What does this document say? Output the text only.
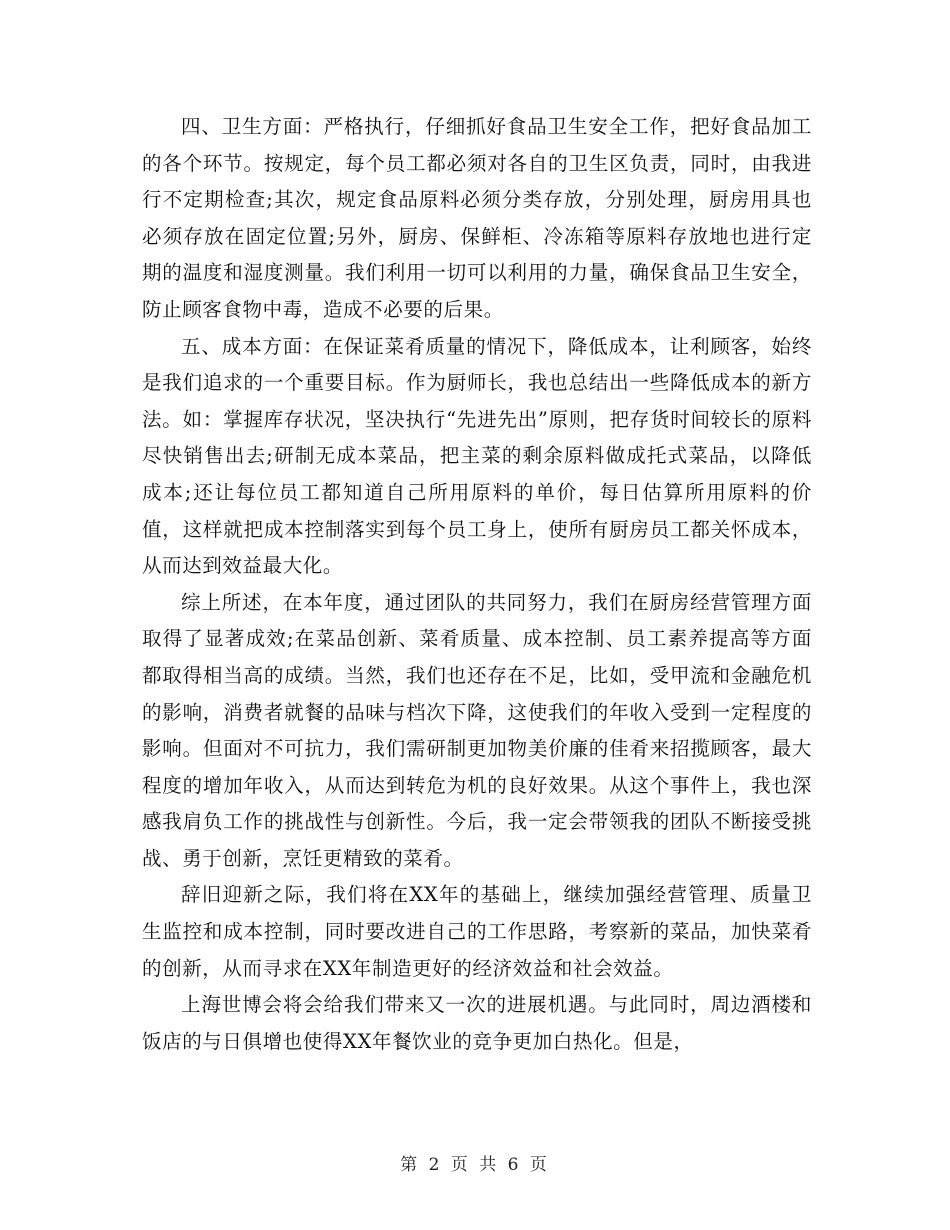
四、卫生方面：严格执行，仔细抓好食品卫生安全工作，把好食品加工的各个环节。按规定，每个员工都必须对各自的卫生区负责，同时，由我进行不定期检查;其次，规定食品原料必须分类存放，分别处理，厨房用具也必须存放在固定位置;另外，厨房、保鲜柜、冷冻箱等原料存放地也进行定期的温度和湿度测量。我们利用一切可以利用的力量，确保食品卫生安全，防止顾客食物中毒，造成不必要的后果。

五、成本方面：在保证菜肴质量的情况下，降低成本，让利顾客，始终是我们追求的一个重要目标。作为厨师长，我也总结出一些降低成本的新方法。如：掌握库存状况，坚决执行“先进先出”原则，把存货时间较长的原料尽快销售出去;研制无成本菜品，把主菜的剩余原料做成托式菜品，以降低成本;还让每位员工都知道自己所用原料的单价，每日估算所用原料的价值，这样就把成本控制落实到每个员工身上，使所有厨房员工都关怀成本，从而达到效益最大化。

综上所述，在本年度，通过团队的共同努力，我们在厨房经营管理方面取得了显著成效;在菜品创新、菜肴质量、成本控制、员工素养提高等方面都取得相当高的成绩。当然，我们也还存在不足，比如，受甲流和金融危机的影响，消费者就餐的品味与档次下降，这使我们的年收入受到一定程度的影响。但面对不可抗力，我们需研制更加物美价廉的佳肴来招揽顾客，最大程度的增加年收入，从而达到转危为机的良好效果。从这个事件上，我也深感我肩负工作的挑战性与创新性。今后，我一定会带领我的团队不断接受挑战、勇于创新，烹饪更精致的菜肴。

辞旧迎新之际，我们将在XX年的基础上，继续加强经营管理、质量卫生监控和成本控制，同时要改进自己的工作思路，考察新的菜品，加快菜肴的创新，从而寻求在XX年制造更好的经济效益和社会效益。

上海世博会将会给我们带来又一次的进展机遇。与此同时，周边酒楼和饭店的与日俱增也使得XX年餐饮业的竞争更加白热化。但是，

第 2 页 共 6 页
